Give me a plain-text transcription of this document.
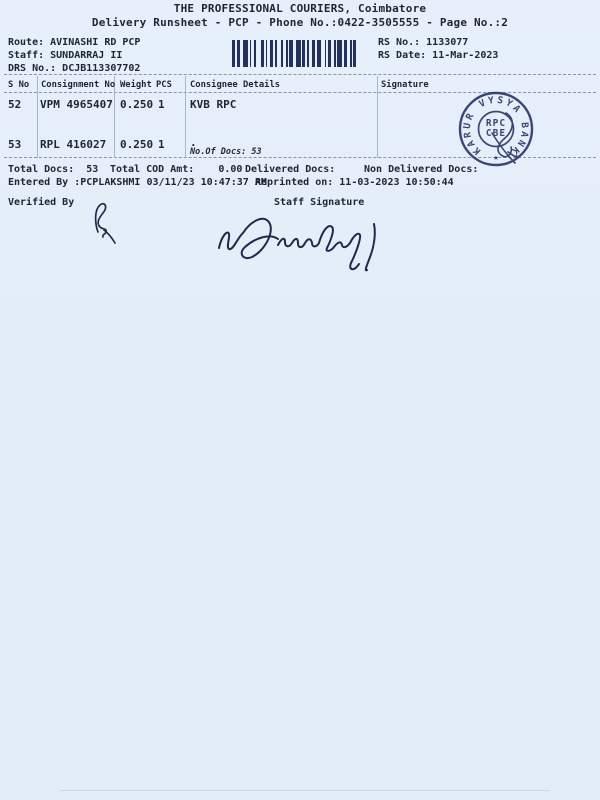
THE PROFESSIONAL COURIERS, Coimbatore
Delivery Runsheet - PCP - Phone No.:0422-3505555 - Page No.:2
Route: AVINASHI RD PCP
Staff: SUNDARRAJ II
DRS No.: DCJB113307702
RS No.: 1133077
RS Date: 11-Mar-2023
S No Consignment No Weight PCS Consignee Details	Signature
52 VPM 4965407 0.250 1 KVB RPC
53 RPL 416027 0.250 1 .
No.Of Docs: 53
Total Docs:  53 Total COD Amt:    0.00 Delivered Docs:	Non Delivered Docs:
Entered By :PCPLAKSHMI 03/11/23 10:47:37 AM
Reprinted on: 11-03-2023 10:50:44
Verified By	Staff Signature
KARUR VYSYA BANK
RPC
CBE
★
